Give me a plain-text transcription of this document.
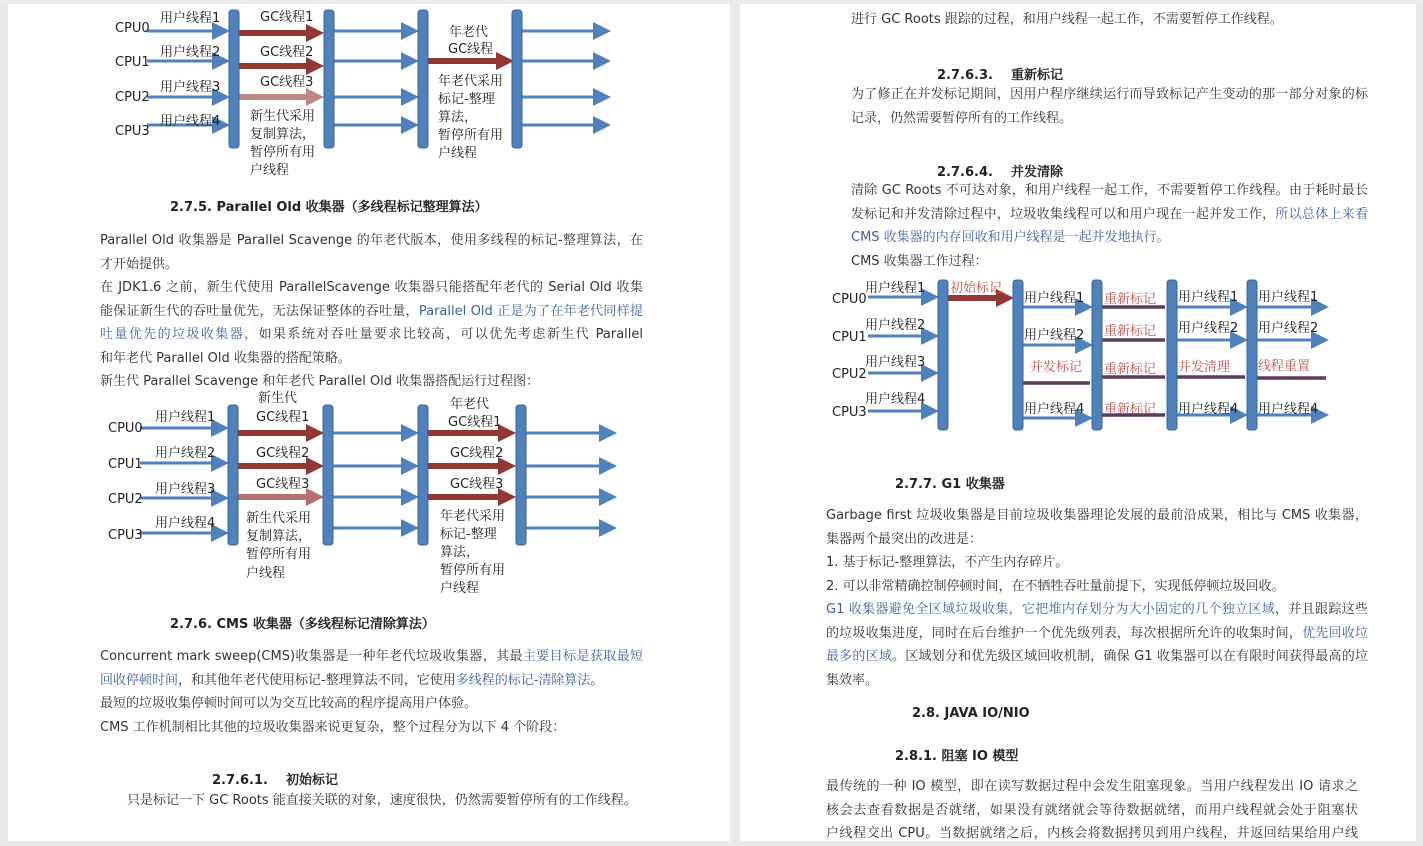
2.7.5. Parallel Old 收集器（多线程标记整理算法）
2.7.6. CMS 收集器（多线程标记清除算法）
2.7.6.1. 初始标记
2.7.6.3. 重新标记
2.7.6.4. 并发清除
2.7.7. G1 收集器
2.8. JAVA IO/NIO
2.8.1. 阻塞 IO 模型
Parallel Old 收集器是 Parallel Scavenge 的年老代版本，使用多线程的标记-整理算法，在
才开始提供。
在 JDK1.6 之前，新生代使用 ParallelScavenge 收集器只能搭配年老代的 Serial Old 收集
能保证新生代的吞吐量优先，无法保证整体的吞吐量，Parallel Old 正是为了在年老代同样提
吐量优先的垃圾收集器，如果系统对吞吐量要求比较高，可以优先考虑新生代 Parallel
和年老代 Parallel Old 收集器的搭配策略。
新生代 Parallel Scavenge 和年老代 Parallel Old 收集器搭配运行过程图：
Concurrent mark sweep(CMS)收集器是一种年老代垃圾收集器，其最主要目标是获取最短
回收停顿时间，和其他年老代使用标记-整理算法不同，它使用多线程的标记-清除算法。
最短的垃圾收集停顿时间可以为交互比较高的程序提高用户体验。
CMS 工作机制相比其他的垃圾收集器来说更复杂，整个过程分为以下 4 个阶段：
只是标记一下 GC Roots 能直接关联的对象，速度很快，仍然需要暂停所有的工作线程。
进行 GC Roots 跟踪的过程，和用户线程一起工作，不需要暂停工作线程。
为了修正在并发标记期间，因用户程序继续运行而导致标记产生变动的那一部分对象的标
记录，仍然需要暂停所有的工作线程。
清除 GC Roots 不可达对象，和用户线程一起工作，不需要暂停工作线程。由于耗时最长
发标记和并发清除过程中，垃圾收集线程可以和用户现在一起并发工作，所以总体上来看
CMS 收集器的内存回收和用户线程是一起并发地执行。
CMS 收集器工作过程：
Garbage first 垃圾收集器是目前垃圾收集器理论发展的最前沿成果，相比与 CMS 收集器，
集器两个最突出的改进是：
1. 基于标记-整理算法，不产生内存碎片。
2. 可以非常精确控制停顿时间，在不牺牲吞吐量前提下，实现低停顿垃圾回收。
G1 收集器避免全区域垃圾收集，它把堆内存划分为大小固定的几个独立区域，并且跟踪这些
的垃圾收集进度，同时在后台维护一个优先级列表，每次根据所允许的收集时间，优先回收垃
最多的区域。区域划分和优先级区域回收机制，确保 G1 收集器可以在有限时间获得最高的垃
集效率。
最传统的一种 IO 模型，即在读写数据过程中会发生阻塞现象。当用户线程发出 IO 请求之
核会去查看数据是否就绪，如果没有就绪就会等待数据就绪，而用户线程就会处于阻塞状
户线程交出 CPU。当数据就绪之后，内核会将数据拷贝到用户线程，并返回结果给用户线
CPU0
CPU1
CPU2
CPU3
用户线程1
用户线程2
用户线程3
用户线程4
GC线程1
GC线程2
GC线程3
新生代采用
复制算法，
暂停所有用
户线程
年老代
GC线程
年老代采用
标记-整理
算法，
暂停所有用
户线程
CPU0
CPU1
CPU2
CPU3
用户线程1
用户线程2
用户线程3
用户线程4
新生代
GC线程1
GC线程2
GC线程3
新生代采用
复制算法，
暂停所有用
户线程
年老代
GC线程1
GC线程2
GC线程3
年老代采用
标记-整理
算法，
暂停所有用
户线程
CPU0
CPU1
CPU2
CPU3
用户线程1
用户线程2
用户线程3
用户线程4
初始标记
用户线程1
用户线程2
并发标记
用户线程4
重新标记
重新标记
重新标记
重新标记
用户线程1
用户线程2
并发清理
用户线程4
用户线程1
用户线程2
线程重置
用户线程4
